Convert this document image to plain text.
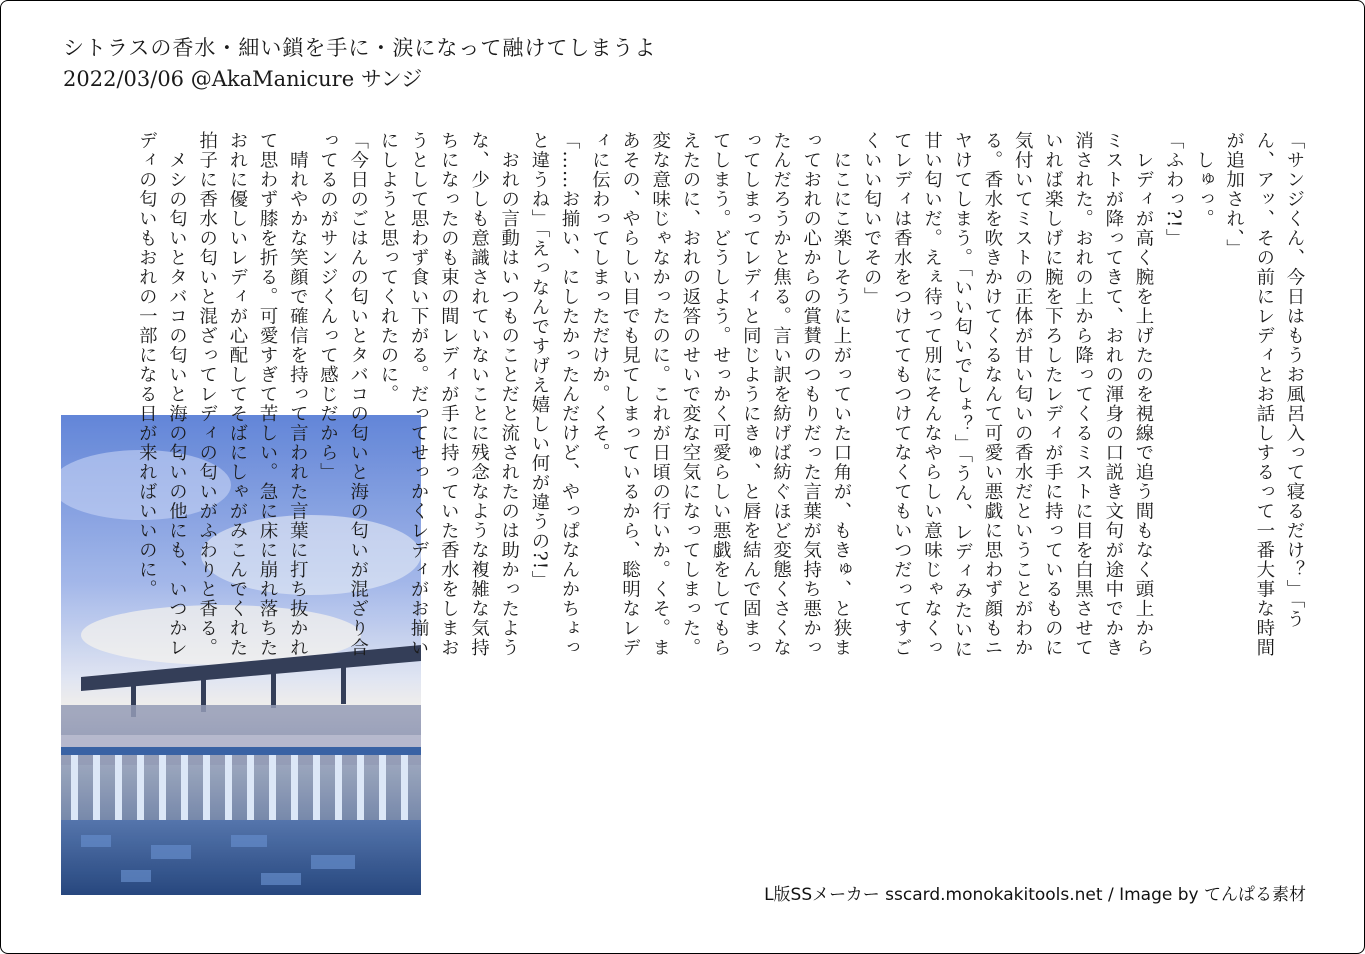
シトラスの香水・細い鎖を手に・涙になって融けてしまうよ
2022/03/06 @AkaManicure サンジ
「サンジくん、今日はもうお風呂入って寝るだけ？」「うん、アッ、その前にレディとお話しするって一番大事な時間が追加され、」
　しゅっ。
「ふわっ?!」
　レディが高く腕を上げたのを視線で追う間もなく頭上からミストが降ってきて、おれの渾身の口説き文句が途中でかき消された。おれの上から降ってくるミストに目を白黒させていれば楽しげに腕を下ろしたレディが手に持っているものに気付いてミストの正体が甘い匂いの香水だということがわかる。香水を吹きかけてくるなんて可愛い悪戯に思わず顔もニヤけてしまう。「いい匂いでしょ？」「うん、レディみたいに甘い匂いだ。えぇ待って別にそんなやらしい意味じゃなくってレディは香水をつけててもつけてなくてもいつだってすごくいい匂いでその」
　にこにこ楽しそうに上がっていた口角が、もきゅ、と狭まっておれの心からの賞賛のつもりだった言葉が気持ち悪かったんだろうかと焦る。言い訳を紡げば紡ぐほど変態くさくなってしまってレディと同じようにきゅ、と唇を結んで固まってしまう。どうしよう。せっかく可愛らしい悪戯をしてもらえたのに、おれの返答のせいで変な空気になってしまった。変な意味じゃなかったのに。これが日頃の行いか。くそ。まあその、やらしい目でも見てしまっているから、聡明なレディに伝わってしまっただけか。くそ。
「……お揃い、にしたかったんだけど、やっぱなんかちょっと違うね」「えっなんですげえ嬉しい何が違うの?!」
　おれの言動はいつものことだと流されたのは助かったような、少しも意識されていないことに残念なような複雑な気持ちになったのも束の間レディが手に持っていた香水をしまおうとして思わず食い下がる。だってせっかくレディがお揃いにしようと思ってくれたのに。
「今日のごはんの匂いとタバコの匂いと海の匂いが混ざり合ってるのがサンジくんって感じだから」
　晴れやかな笑顔で確信を持って言われた言葉に打ち抜かれて思わず膝を折る。可愛すぎて苦しい。急に床に崩れ落ちたおれに優しいレディが心配してそばにしゃがみこんでくれた拍子に香水の匂いと混ざってレディの匂いがふわりと香る。
　メシの匂いとタバコの匂いと海の匂いの他にも、いつかレディの匂いもおれの一部になる日が来ればいいのに。
L版SSメーカー sscard.monokakitools.net / Image by てんぱる素材
